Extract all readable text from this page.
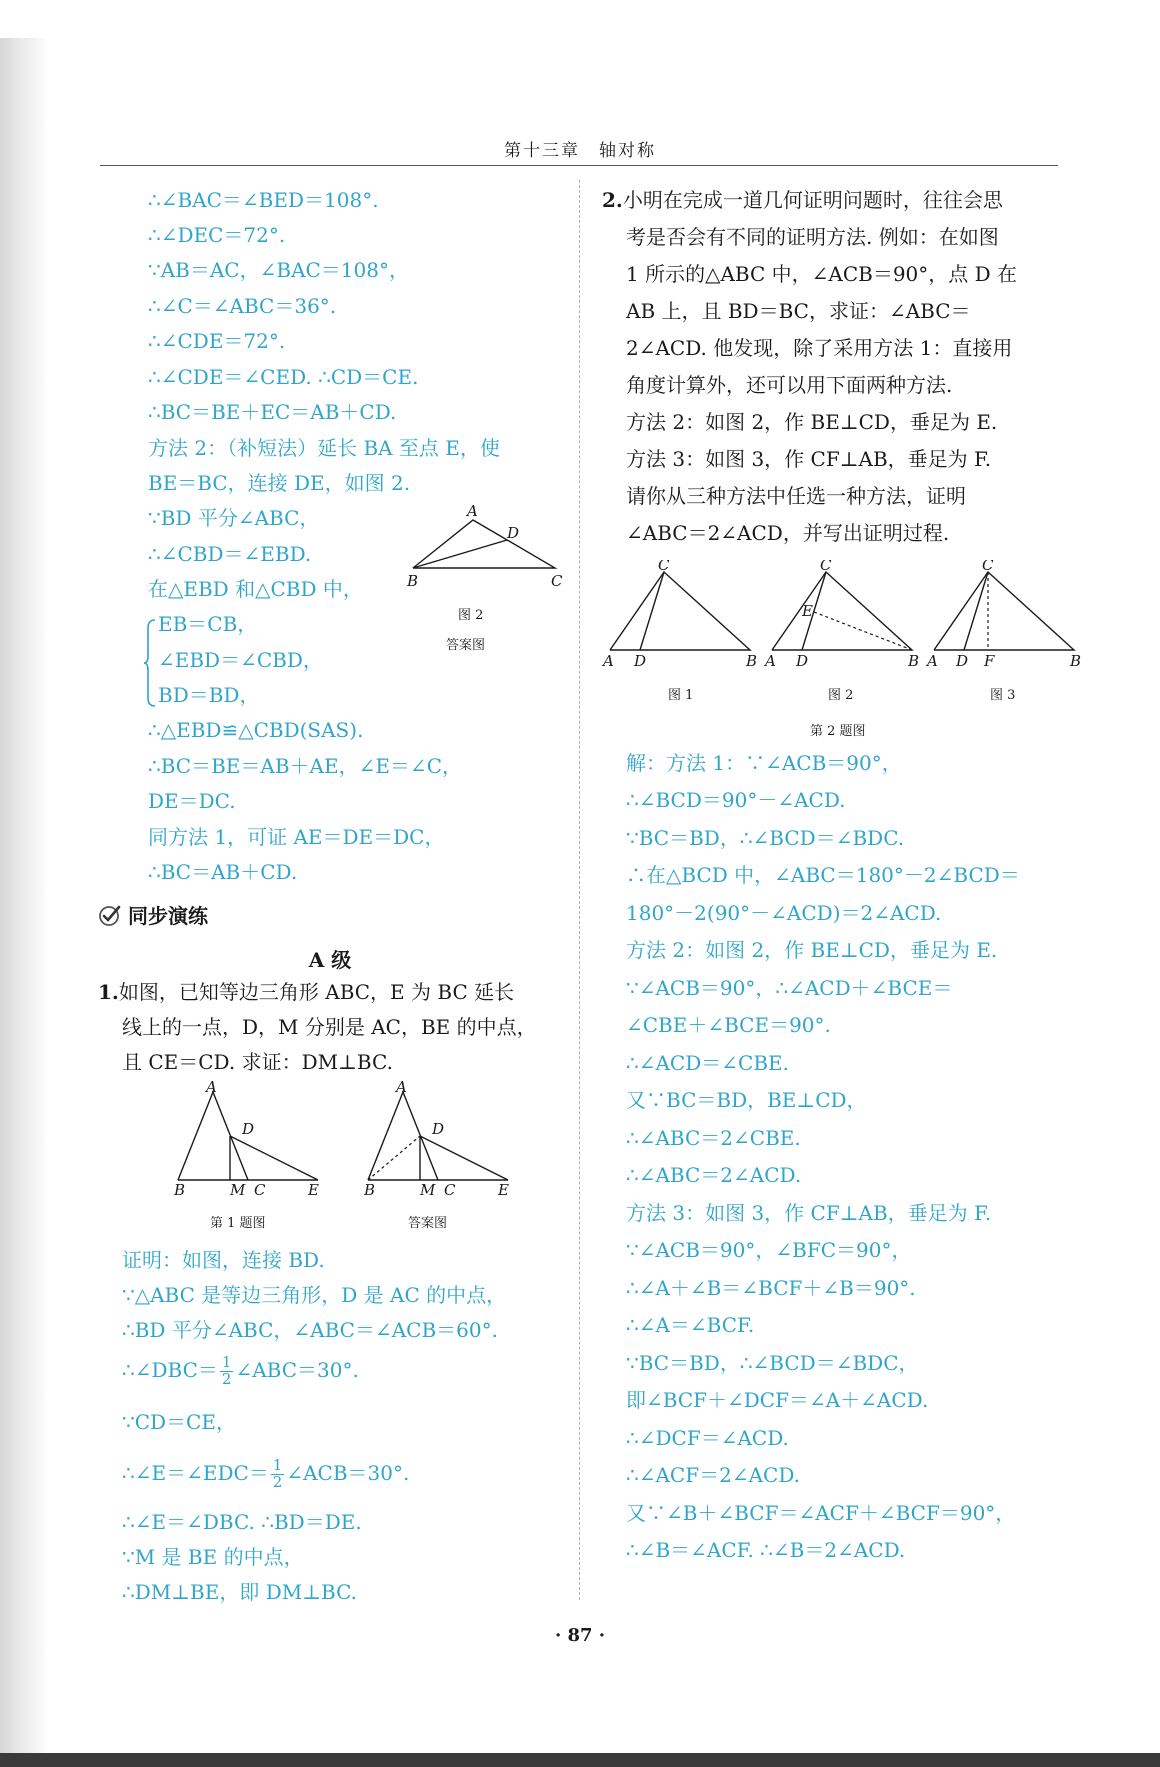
第十三章　轴对称
∴∠BAC＝∠BED＝108°.
∴∠DEC＝72°.
∵AB＝AC，∠BAC＝108°，
∴∠C＝∠ABC＝36°.
∴∠CDE＝72°.
∴∠CDE＝∠CED. ∴CD＝CE.
∴BC＝BE＋EC＝AB＋CD.
方法 2：（补短法）延长 BA 至点 E，使
BE＝BC，连接 DE，如图 2.
∵BD 平分∠ABC，
∴∠CBD＝∠EBD.
在△EBD 和△CBD 中，
EB＝CB，
∠EBD＝∠CBD，
BD＝BD，
∴△EBD≌△CBD(SAS).
∴BC＝BE＝AB＋AE，∠E＝∠C，
DE＝DC.
同方法 1，可证 AE＝DE＝DC，
∴BC＝AB＋CD.
A
D
B	C
图 2
答案图
同步演练
A 级
1.如图，已知等边三角形 ABC，E 为 BC 延长
线上的一点，D，M 分别是 AC，BE 的中点，
且 CE＝CD. 求证：DM⊥BC.
A
D
B	M C	E
第 1 题图
A
D
B	M C	E
答案图
证明：如图，连接 BD.
∵△ABC 是等边三角形，D 是 AC 的中点，
∴BD 平分∠ABC，∠ABC＝∠ACB＝60°.
∴∠DBC＝ $\frac{1}{2}$ ∠ABC＝30°.
∵CD＝CE，
∴∠E＝∠EDC＝ $\frac{1}{2}$ ∠ACB＝30°.
∴∠E＝∠DBC. ∴BD＝DE.
∵M 是 BE 的中点，
∴DM⊥BE，即 DM⊥BC.
2.小明在完成一道几何证明问题时，往往会思
考是否会有不同的证明方法. 例如：在如图
1 所示的△ABC 中，∠ACB＝90°，点 D 在
AB 上，且 BD＝BC，求证：∠ABC＝
2∠ACD. 他发现，除了采用方法 1：直接用
角度计算外，还可以用下面两种方法.
方法 2：如图 2，作 BE⊥CD，垂足为 E.
方法 3：如图 3，作 CF⊥AB，垂足为 F.
请你从三种方法中任选一种方法，证明
∠ABC＝2∠ACD，并写出证明过程.
C
A D	B
C
E
A D	B
C
A D F	B
图 1	图 2	图 3
第 2 题图
解：方法 1：∵∠ACB＝90°，
∴∠BCD＝90°－∠ACD.
∵BC＝BD，∴∠BCD＝∠BDC.
∴在△BCD 中，∠ABC＝180°－2∠BCD＝
180°－2(90°－∠ACD)＝2∠ACD.
方法 2：如图 2，作 BE⊥CD，垂足为 E.
∵∠ACB＝90°，∴∠ACD＋∠BCE＝
∠CBE＋∠BCE＝90°.
∴∠ACD＝∠CBE.
又∵BC＝BD，BE⊥CD，
∴∠ABC＝2∠CBE.
∴∠ABC＝2∠ACD.
方法 3：如图 3，作 CF⊥AB，垂足为 F.
∵∠ACB＝90°，∠BFC＝90°，
∴∠A＋∠B＝∠BCF＋∠B＝90°.
∴∠A＝∠BCF.
∵BC＝BD，∴∠BCD＝∠BDC，
即∠BCF＋∠DCF＝∠A＋∠ACD.
∴∠DCF＝∠ACD.
∴∠ACF＝2∠ACD.
又∵∠B＋∠BCF＝∠ACF＋∠BCF＝90°，
∴∠B＝∠ACF. ∴∠B＝2∠ACD.
· 87 ·
